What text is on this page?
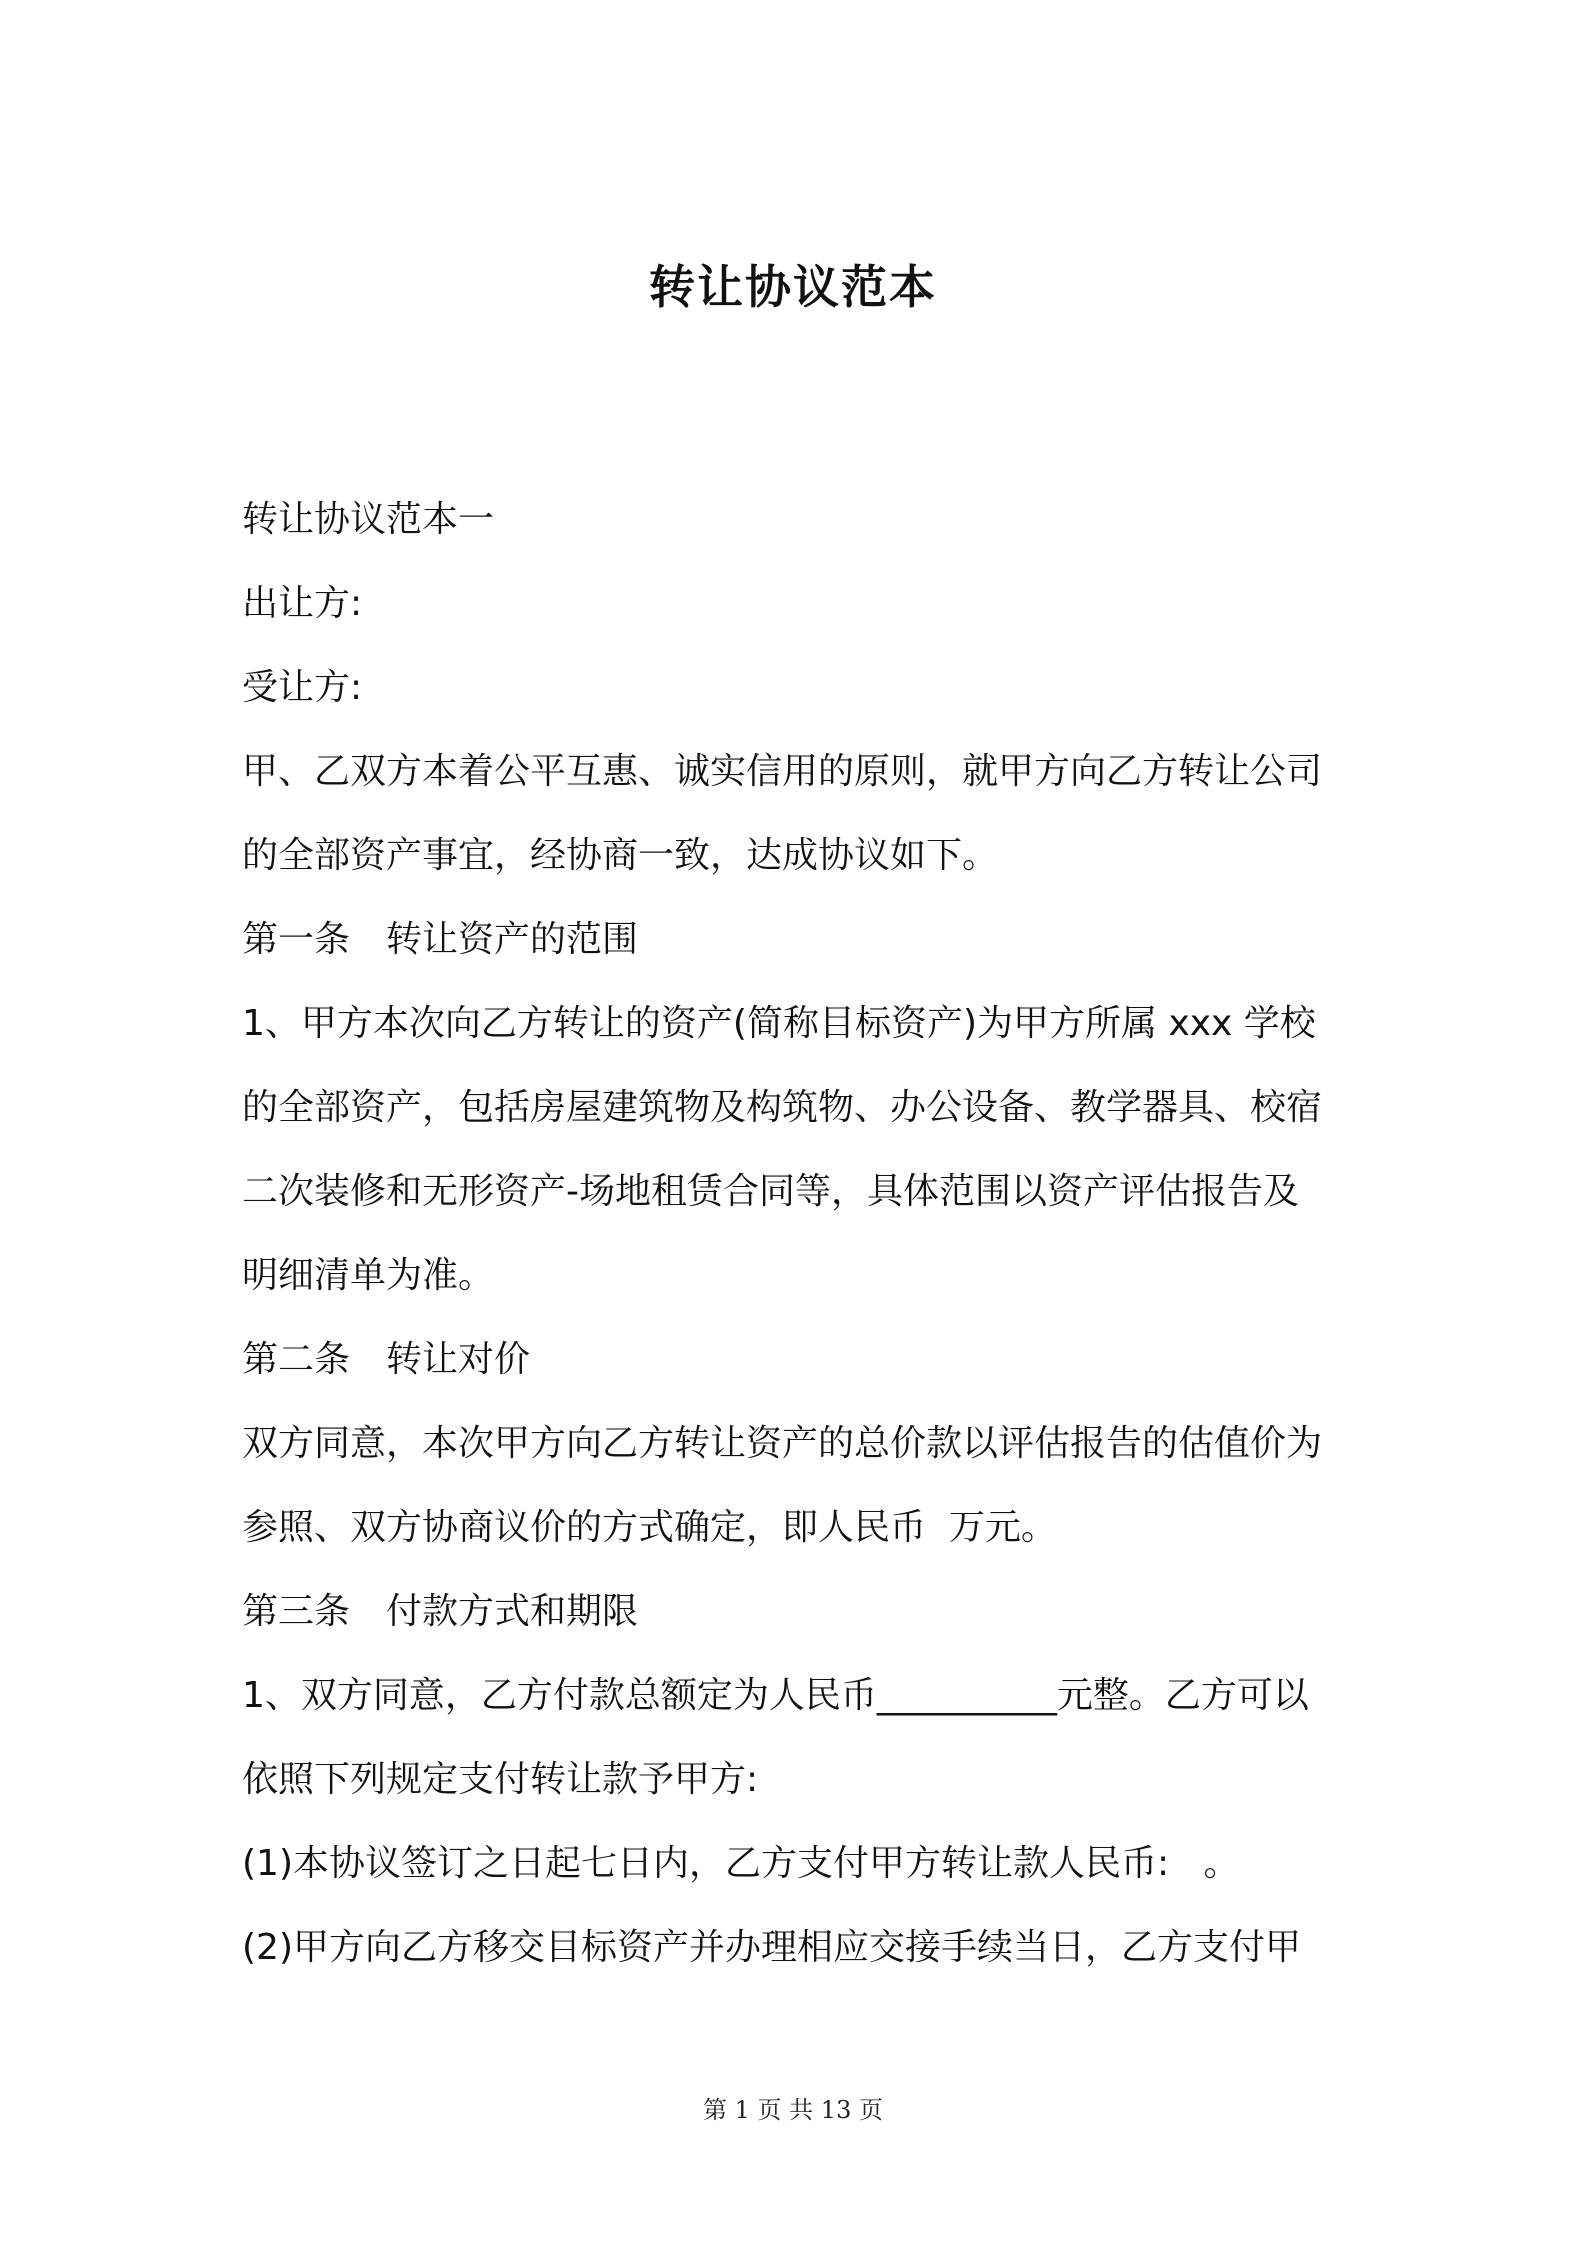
转让协议范本
转让协议范本一
出让方:
受让方:
甲、乙双方本着公平互惠、诚实信用的原则，就甲方向乙方转让公司
的全部资产事宜，经协商一致，达成协议如下。
第一条　转让资产的范围
1、甲方本次向乙方转让的资产(简称目标资产)为甲方所属 xxx 学校
的全部资产，包括房屋建筑物及构筑物、办公设备、教学器具、校宿
二次装修和无形资产-场地租赁合同等，具体范围以资产评估报告及
明细清单为准。
第二条　转让对价
双方同意，本次甲方向乙方转让资产的总价款以评估报告的估值价为
参照、双方协商议价的方式确定，即人民币  万元。
第三条　付款方式和期限
1、双方同意，乙方付款总额定为人民币__________元整。乙方可以
依照下列规定支付转让款予甲方:
(1)本协议签订之日起七日内，乙方支付甲方转让款人民币:   。
(2)甲方向乙方移交目标资产并办理相应交接手续当日，乙方支付甲
第 1 页 共 13 页
